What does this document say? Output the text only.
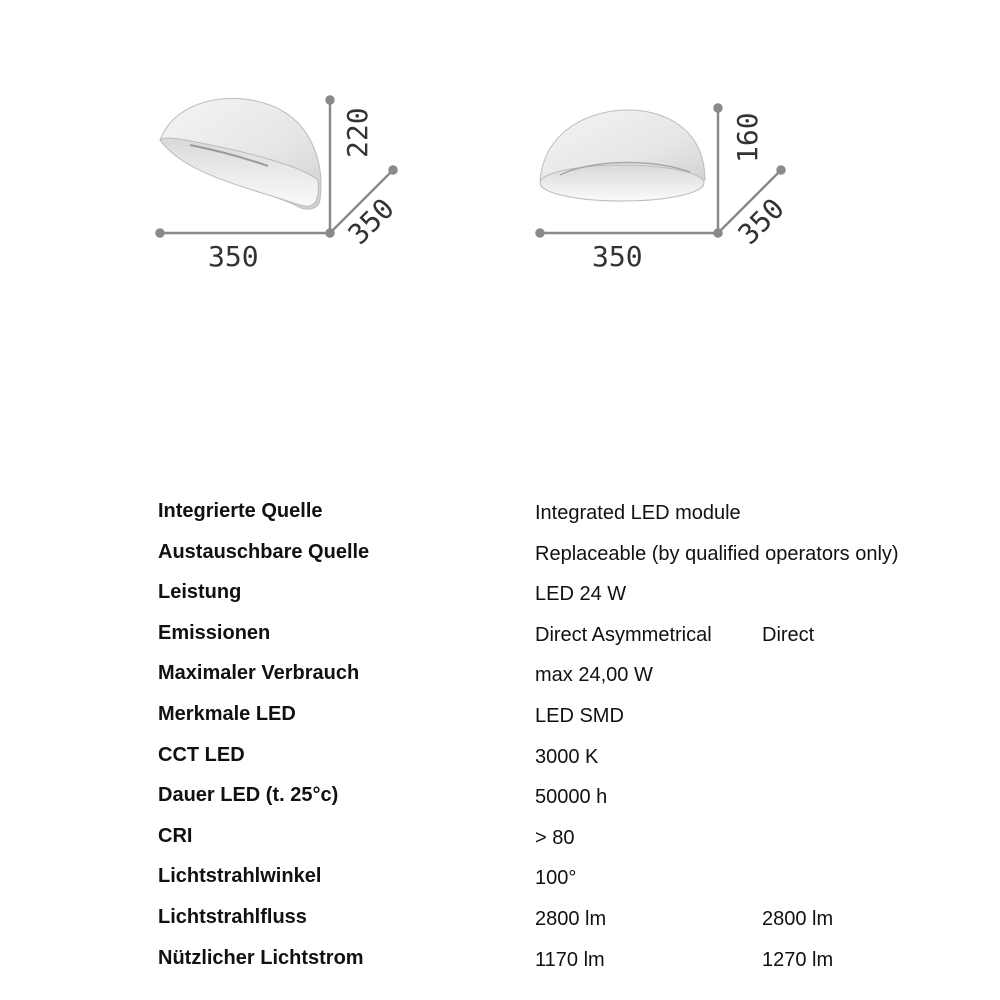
350
220
350
350
160
350
Integrierte Quelle	Integrated LED module
Austauschbare Quelle	Replaceable (by qualified operators only)
Leistung	LED 24 W
Emissionen	Direct Asymmetrical	Direct
Maximaler Verbrauch	max 24,00 W
Merkmale LED	LED SMD
CCT LED	3000 K
Dauer LED (t. 25°c)	50000 h
CRI	> 80
Lichtstrahlwinkel	100°
Lichtstrahlfluss	2800 lm	2800 lm
Nützlicher Lichtstrom	1170 lm	1270 lm
